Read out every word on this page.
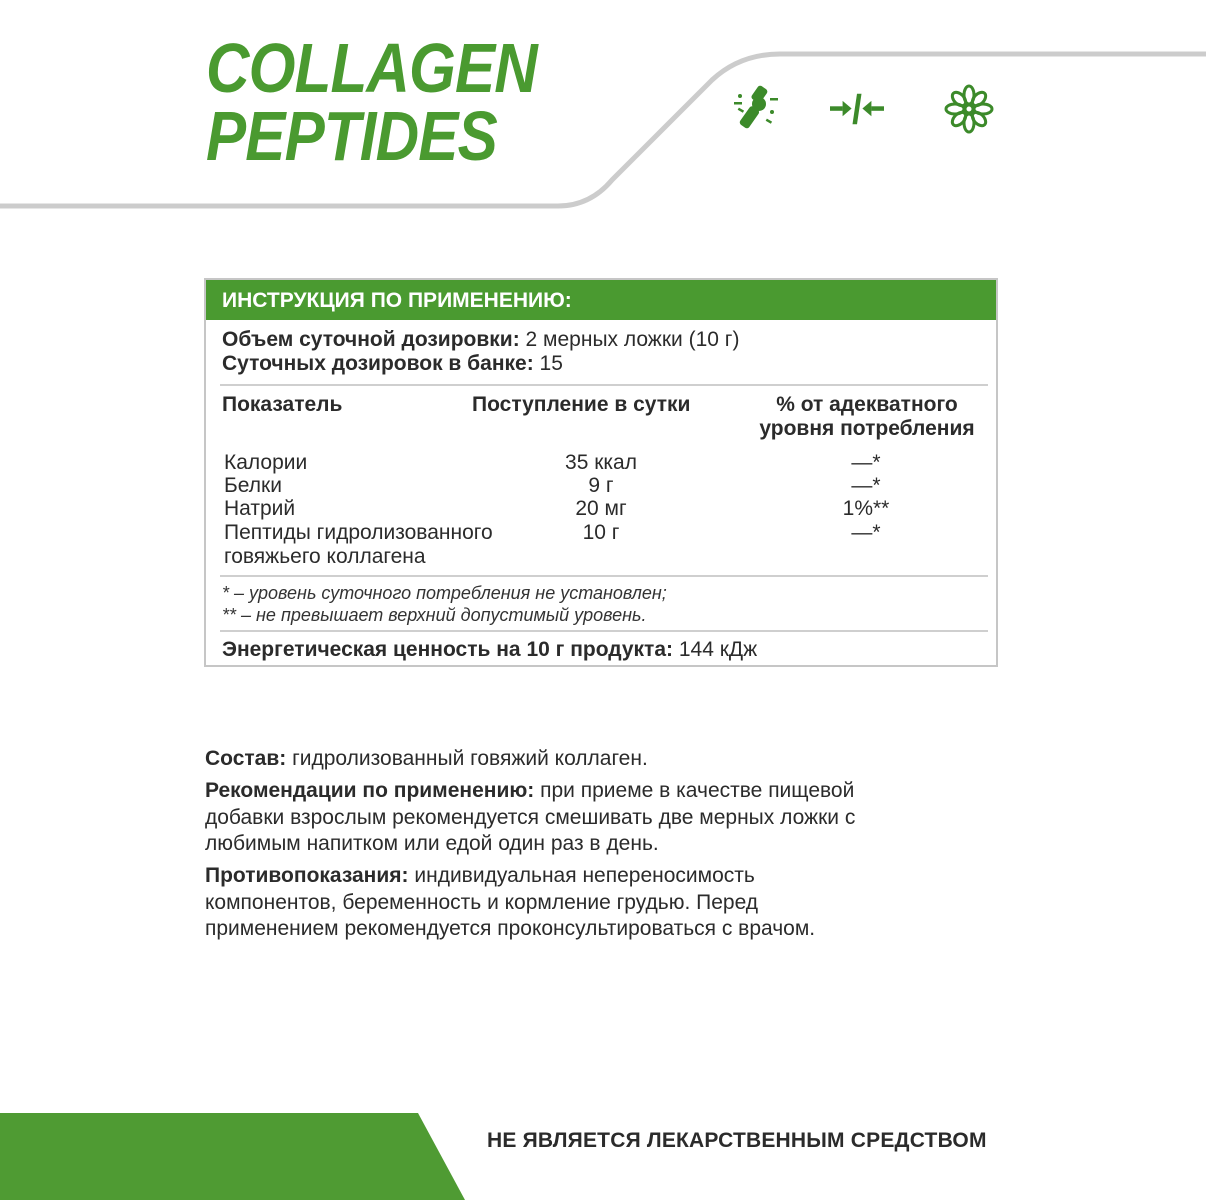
COLLAGEN
PEPTIDES
ИНСТРУКЦИЯ ПО ПРИМЕНЕНИЮ:
Объем суточной дозировки: 2 мерных ложки (10 г)
Суточных дозировок в банке: 15
Показатель	Поступление в сутки	% от адекватного
уровня потребления
Калории	35 ккал	—*
Белки	9 г	—*
Натрий	20 мг	1%**
Пептиды гидролизованного
говяжьего коллагена
10 г	—*
* – уровень суточного потребления не установлен;
** – не превышает верхний допустимый уровень.
Энергетическая ценность на 10 г продукта: 144 кДж
Состав: гидролизованный говяжий коллаген.
Рекомендации по применению: при приеме в качестве пищевой
добавки взрослым рекомендуется смешивать две мерных ложки с
любимым напитком или едой один раз в день.
Противопоказания: индивидуальная непереносимость
компонентов, беременность и кормление грудью. Перед
применением рекомендуется проконсультироваться с врачом.
НЕ ЯВЛЯЕТСЯ ЛЕКАРСТВЕННЫМ СРЕДСТВОМ
